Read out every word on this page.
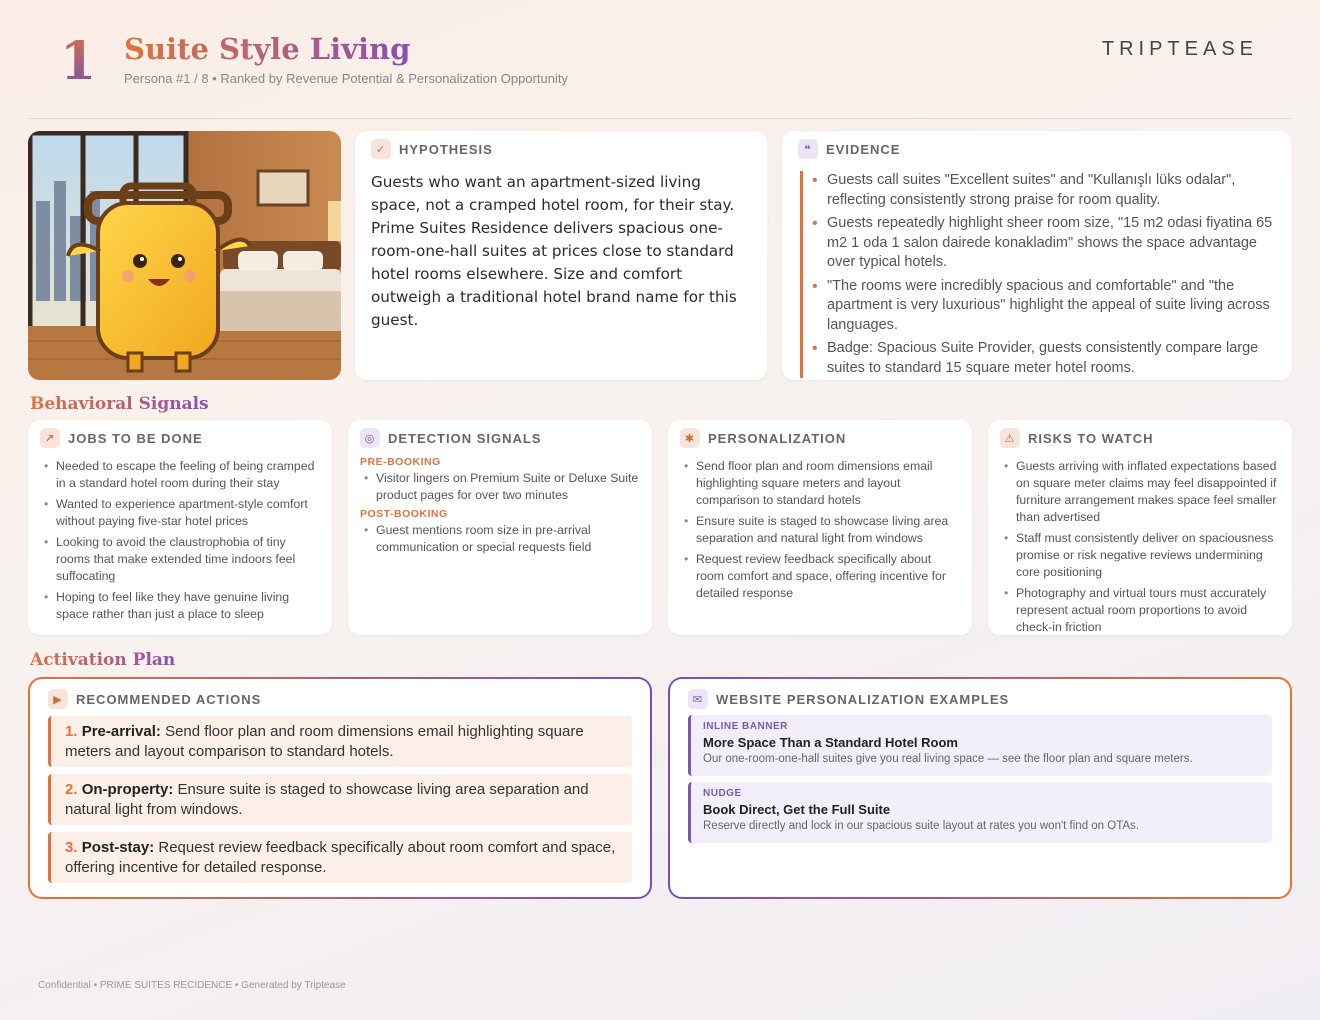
1 Suite Style Living
Persona #1 / 8 • Ranked by Revenue Potential & Personalization Opportunity
TRIPTEASE
✓ HYPOTHESIS
Guests who want an apartment-sized living space, not a cramped hotel room, for their stay. Prime Suites Residence delivers spacious one-room-one-hall suites at prices close to standard hotel rooms elsewhere. Size and comfort outweigh a traditional hotel brand name for this guest.
❝	EVIDENCE
• Guests call suites "Excellent suites" and "Kullanışlı lüks odalar", reflecting consistently strong praise for room quality.
• Guests repeatedly highlight sheer room size, "15 m2 odasi fiyatina 65 m2 1 oda 1 salon dairede konakladim" shows the space advantage over typical hotels.
• "The rooms were incredibly spacious and comfortable" and "the apartment is very luxurious" highlight the appeal of suite living across languages.
• Badge: Spacious Suite Provider, guests consistently compare large suites to standard 15 square meter hotel rooms.
Behavioral Signals
↗ JOBS TO BE DONE
• Needed to escape the feeling of being cramped in a standard hotel room during their stay
• Wanted to experience apartment-style comfort without paying five-star hotel prices
• Looking to avoid the claustrophobia of tiny rooms that make extended time indoors feel suffocating
• Hoping to feel like they have genuine living space rather than just a place to sleep
◎ DETECTION SIGNALS
PRE-BOOKING
• Visitor lingers on Premium Suite or Deluxe Suite product pages for over two minutes
POST-BOOKING
• Guest mentions room size in pre-arrival communication or special requests field
✱ PERSONALIZATION
• Send floor plan and room dimensions email highlighting square meters and layout comparison to standard hotels
• Ensure suite is staged to showcase living area separation and natural light from windows
• Request review feedback specifically about room comfort and space, offering incentive for detailed response
⚠ RISKS TO WATCH
• Guests arriving with inflated expectations based on square meter claims may feel disappointed if furniture arrangement makes space feel smaller than advertised
• Staff must consistently deliver on spaciousness promise or risk negative reviews undermining core positioning
• Photography and virtual tours must accurately represent actual room proportions to avoid check-in friction
Activation Plan
▶	RECOMMENDED ACTIONS
1. Pre-arrival: Send floor plan and room dimensions email highlighting square meters and layout comparison to standard hotels.
2. On-property: Ensure suite is staged to showcase living area separation and natural light from windows.
3. Post-stay: Request review feedback specifically about room comfort and space, offering incentive for detailed response.
✉ WEBSITE PERSONALIZATION EXAMPLES
INLINE BANNER
More Space Than a Standard Hotel Room
Our one-room-one-hall suites give you real living space — see the floor plan and square meters.
NUDGE
Book Direct, Get the Full Suite
Reserve directly and lock in our spacious suite layout at rates you won't find on OTAs.
Confidential • PRIME SUITES RECIDENCE • Generated by Triptease
